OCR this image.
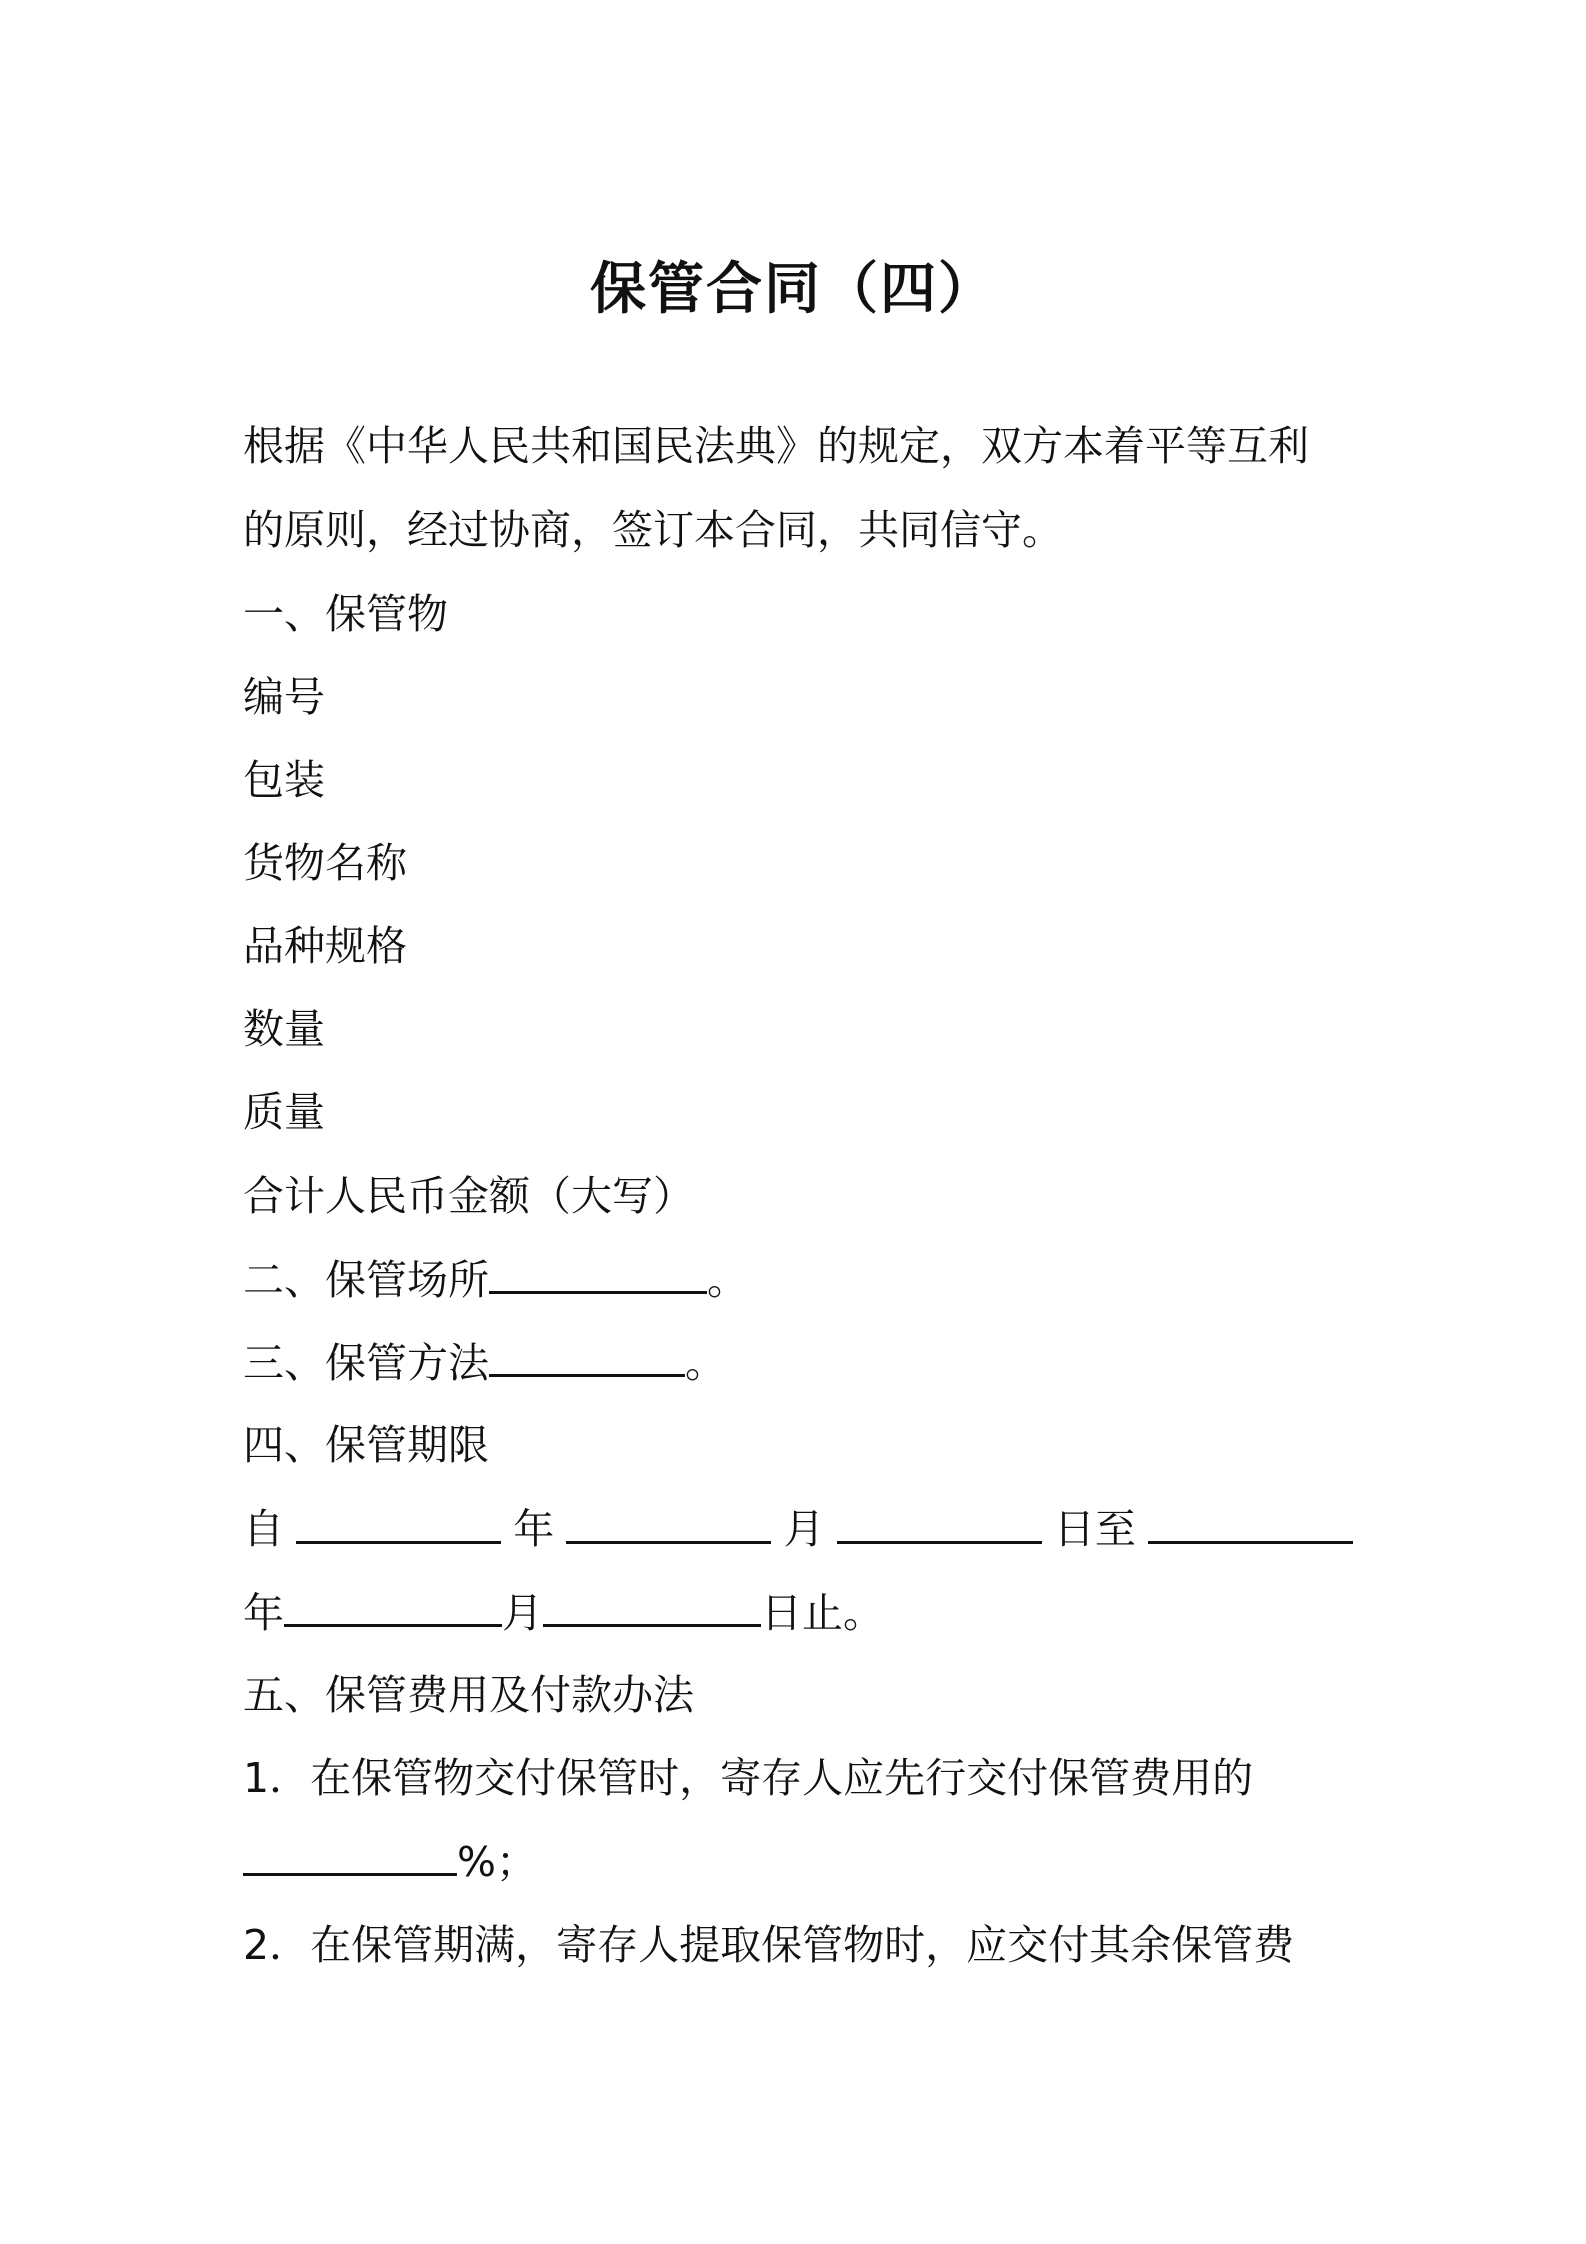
保管合同（四）
根据《中华人民共和国民法典》的规定，双方本着平等互利
的原则，经过协商，签订本合同，共同信守。
一、保管物
编号
包装
货物名称
品种规格
数量
质量
合计人民币金额（大写）
二、保管场所	。
三、保管方法	。
四、保管期限
自	年	月	日至
年	月	日止。
五、保管费用及付款办法
1．在保管物交付保管时，寄存人应先行交付保管费用的
%；
2．在保管期满，寄存人提取保管物时，应交付其余保管费
